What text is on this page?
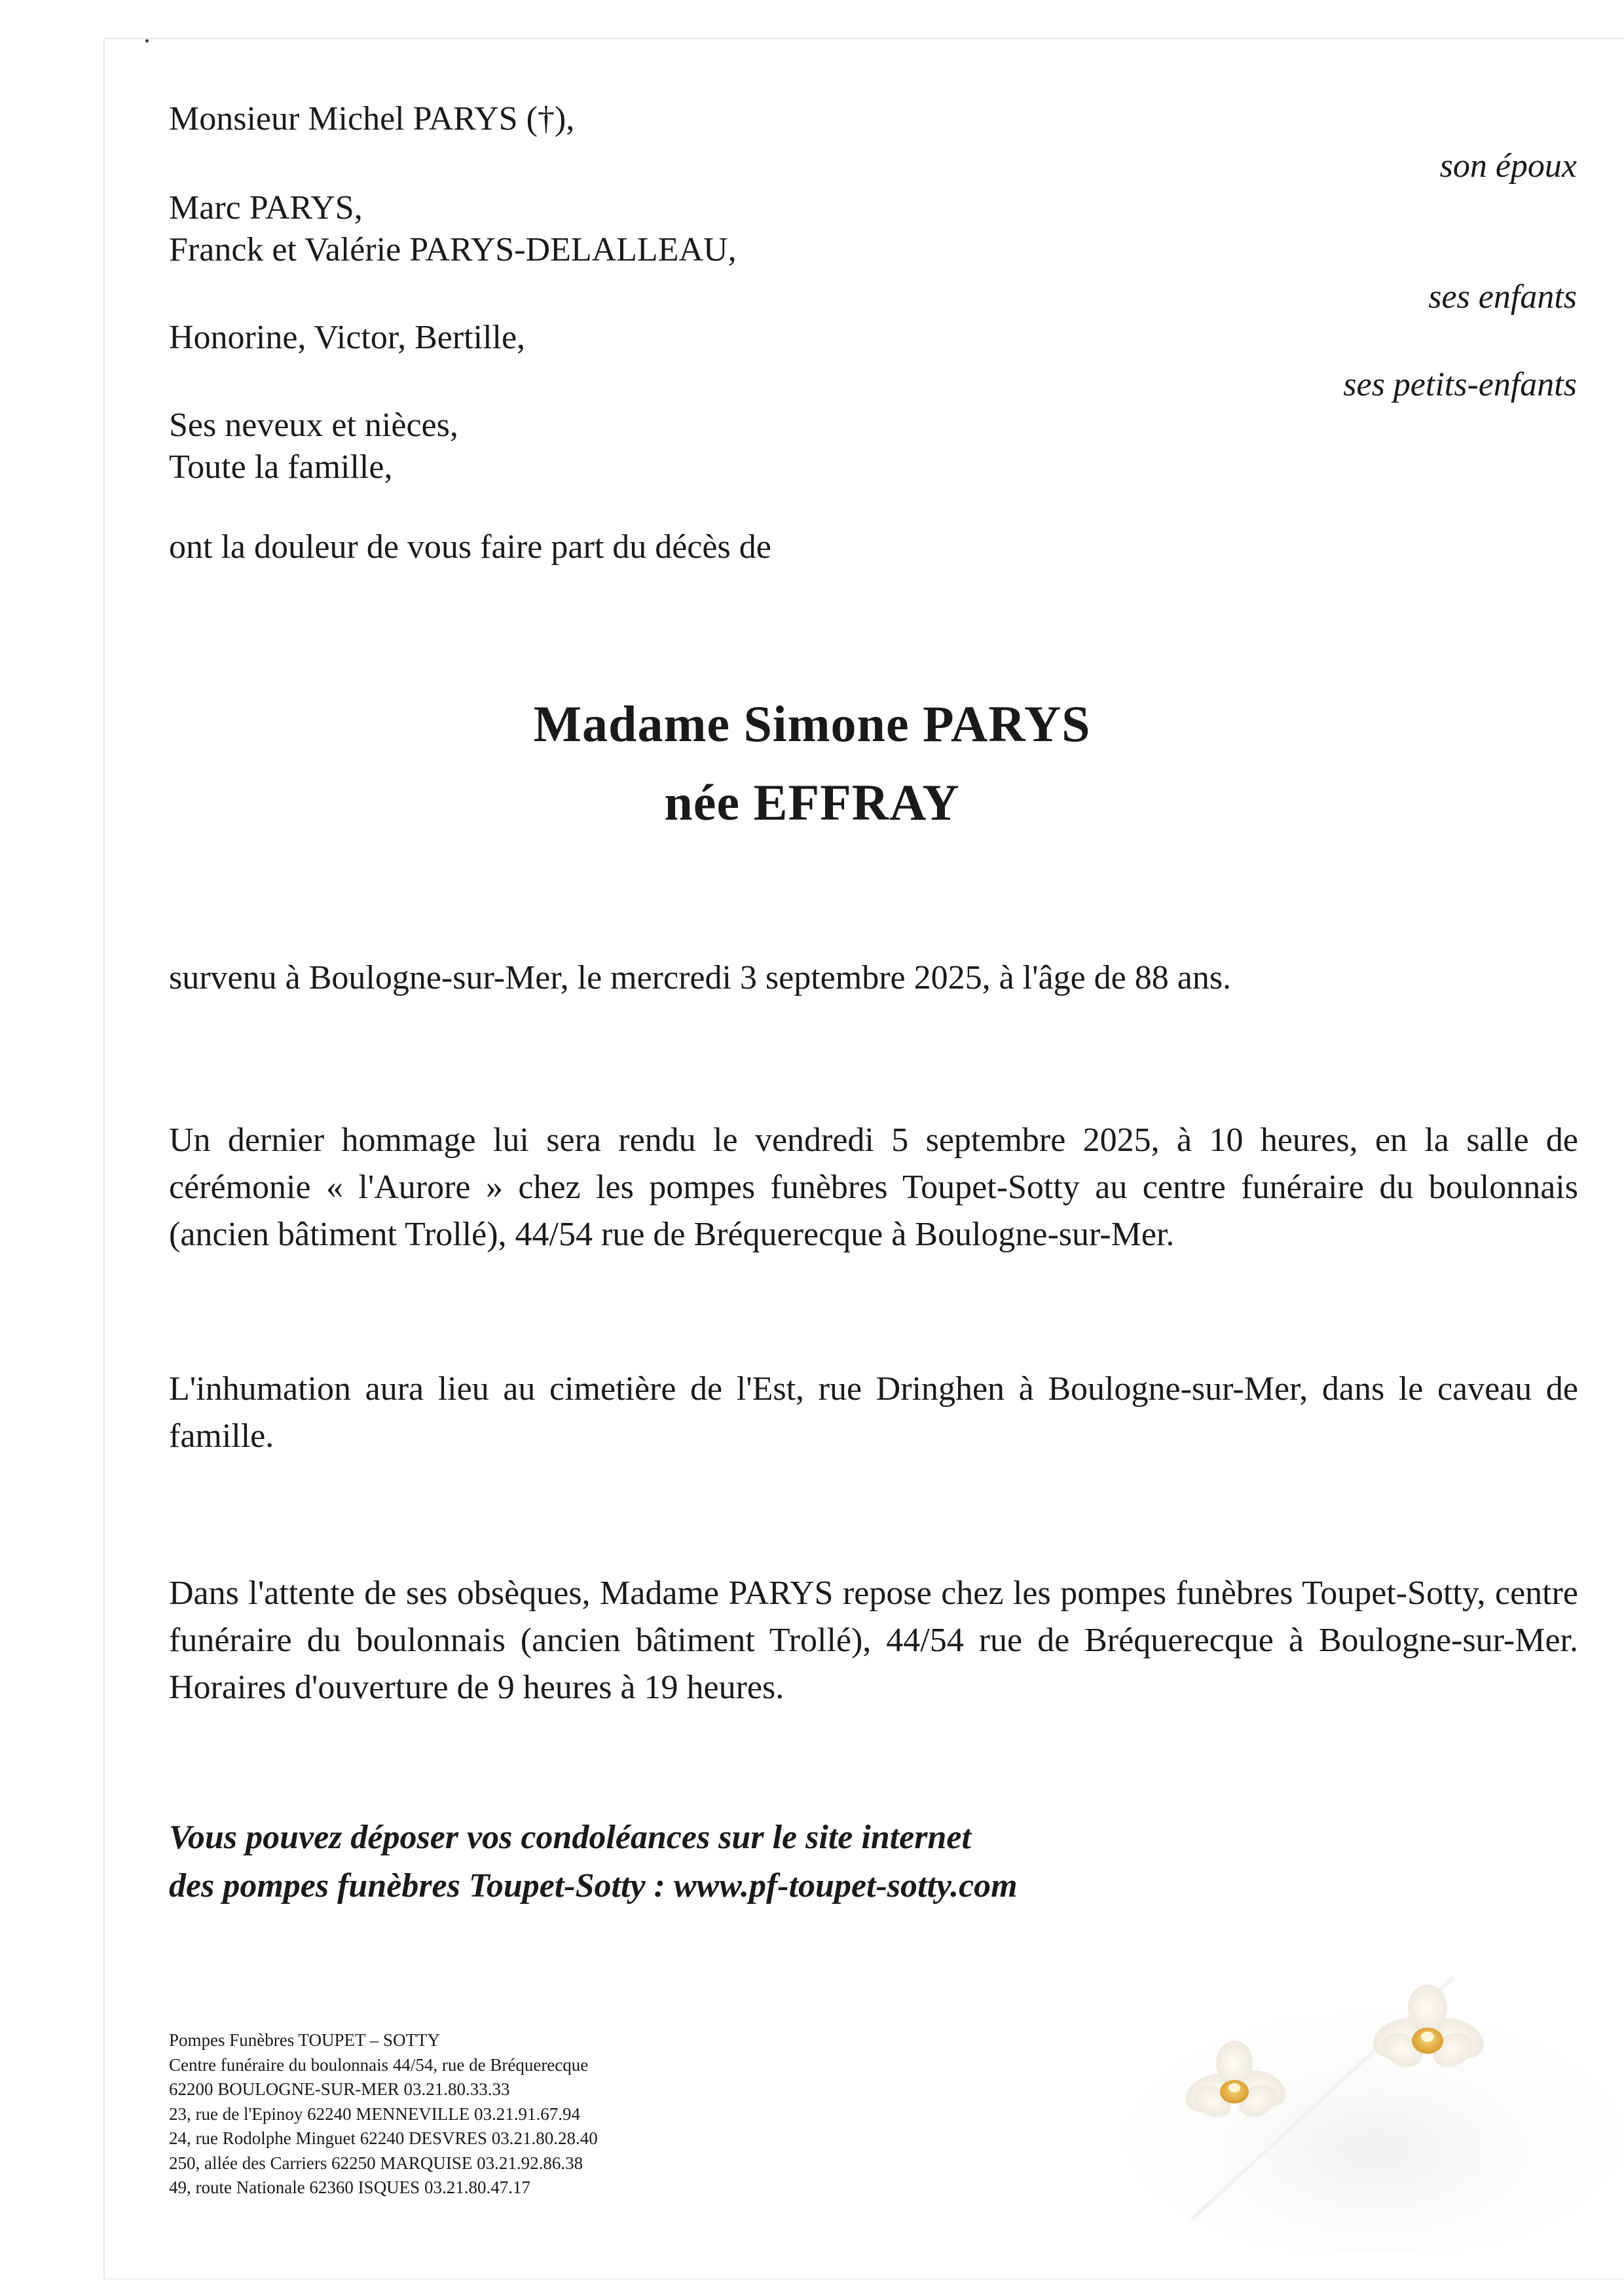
Monsieur Michel PARYS (†),
son époux
Marc PARYS,
Franck et Valérie PARYS-DELALLEAU,
ses enfants
Honorine, Victor, Bertille,
ses petits-enfants
Ses neveux et nièces,
Toute la famille,
ont la douleur de vous faire part du décès de
Madame Simone PARYS
née EFFRAY
survenu à Boulogne-sur-Mer, le mercredi 3 septembre 2025, à l'âge de 88 ans.
Un dernier hommage lui sera rendu le vendredi 5 septembre 2025, à 10 heures, en la salle de cérémonie « l'Aurore » chez les pompes funèbres Toupet-Sotty au centre funéraire du boulonnais (ancien bâtiment Trollé), 44/54 rue de Bréquerecque à Boulogne-sur-Mer.
L'inhumation aura lieu au cimetière de l'Est, rue Dringhen à Boulogne-sur-Mer, dans le caveau de famille.
Dans l'attente de ses obsèques, Madame PARYS repose chez les pompes funèbres Toupet-Sotty, centre funéraire du boulonnais (ancien bâtiment Trollé), 44/54 rue de Bréquerecque à Boulogne-sur-Mer. Horaires d'ouverture de 9 heures à 19 heures.
Vous pouvez déposer vos condoléances sur le site internet
des pompes funèbres Toupet-Sotty : www.pf-toupet-sotty.com
Pompes Funèbres TOUPET – SOTTY
Centre funéraire du boulonnais 44/54, rue de Bréquerecque
62200 BOULOGNE-SUR-MER 03.21.80.33.33
23, rue de l'Epinoy 62240 MENNEVILLE 03.21.91.67.94
24, rue Rodolphe Minguet 62240 DESVRES 03.21.80.28.40
250, allée des Carriers 62250 MARQUISE 03.21.92.86.38
49, route Nationale 62360 ISQUES 03.21.80.47.17
